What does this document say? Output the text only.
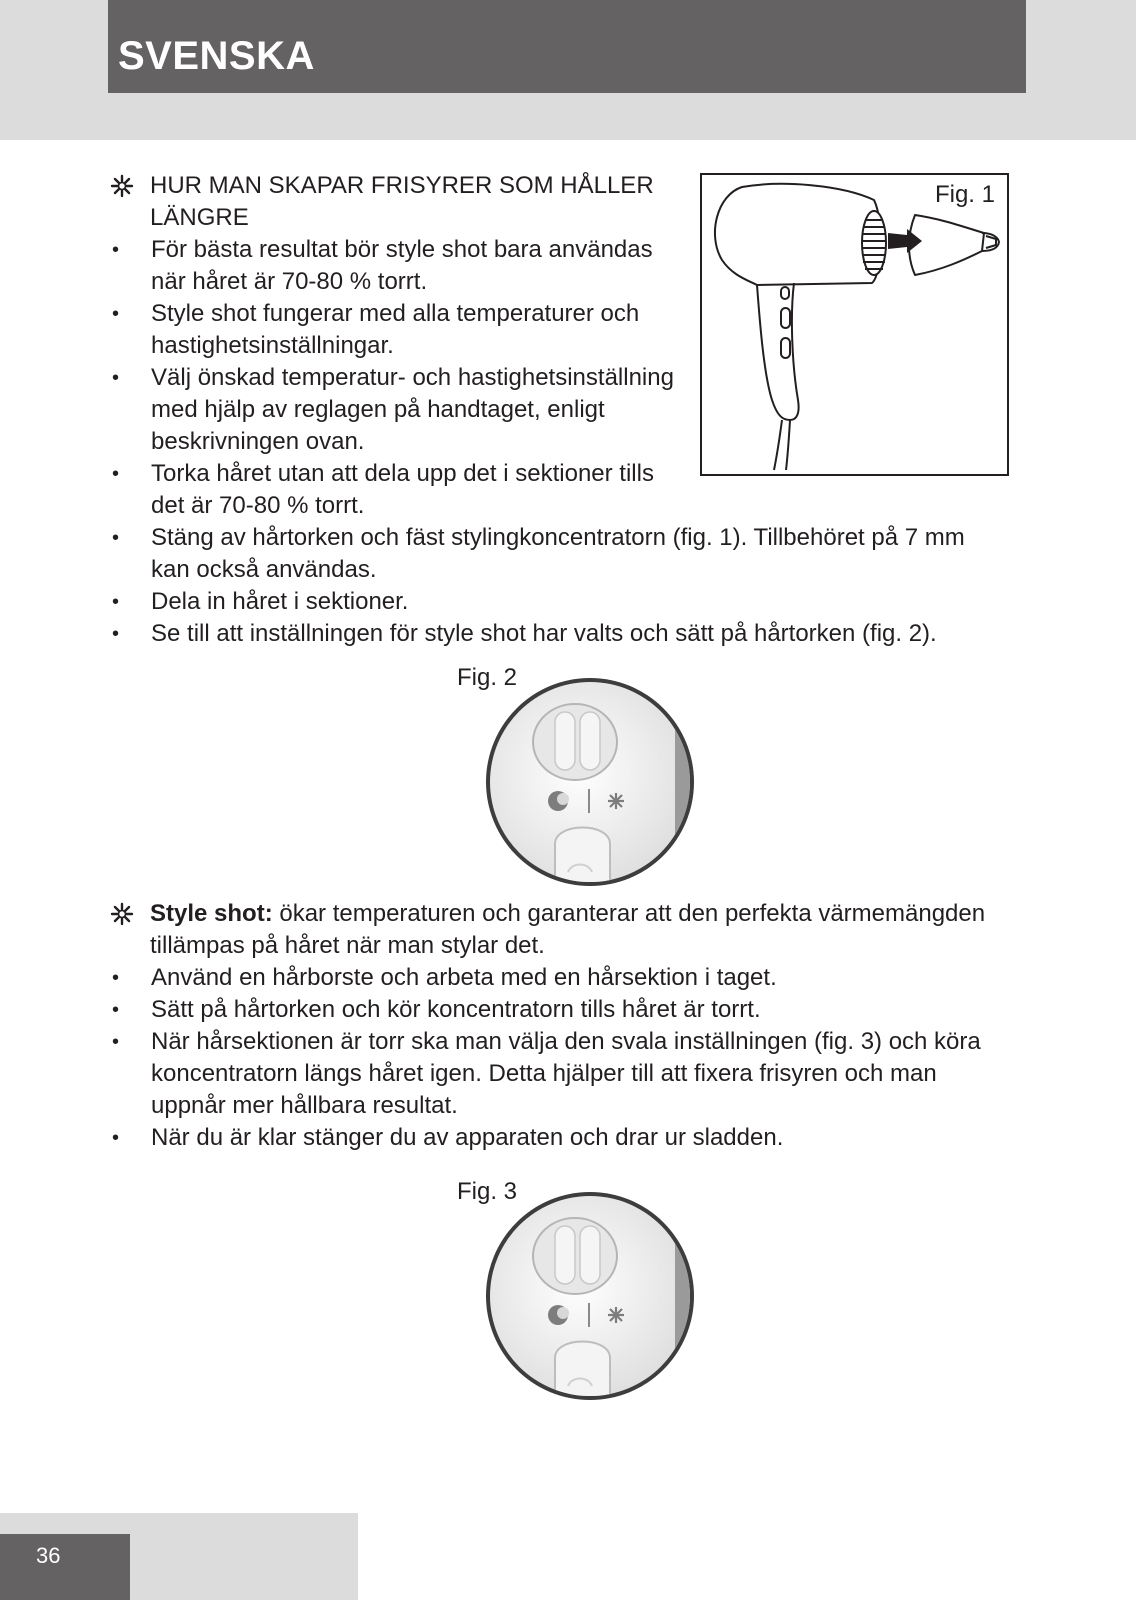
SVENSKA
HUR MAN SKAPAR FRISYRER SOM HÅLLER LÄNGRE
• För bästa resultat bör style shot bara användas när håret är 70-80 % torrt.
• Style shot fungerar med alla temperaturer och hastighetsinställningar.
• Välj önskad temperatur- och hastighetsinställning med hjälp av reglagen på handtaget, enligt beskrivningen ovan.
• Torka håret utan att dela upp det i sektioner tills det är 70-80 % torrt.
• Stäng av hårtorken och fäst stylingkoncentratorn (fig. 1). Tillbehöret på 7 mm kan också användas.
• Dela in håret i sektioner.
• Se till att inställningen för style shot har valts och sätt på hårtorken (fig. 2).
Fig. 1
Fig. 2
Style shot: ökar temperaturen och garanterar att den perfekta värmemängden tillämpas på håret när man stylar det.
• Använd en hårborste och arbeta med en hårsektion i taget.
• Sätt på hårtorken och kör koncentratorn tills håret är torrt.
• När hårsektionen är torr ska man välja den svala inställningen (fig. 3) och köra koncentratorn längs håret igen. Detta hjälper till att fixera frisyren och man uppnår mer hållbara resultat.
• När du är klar stänger du av apparaten och drar ur sladden.
Fig. 3
36
